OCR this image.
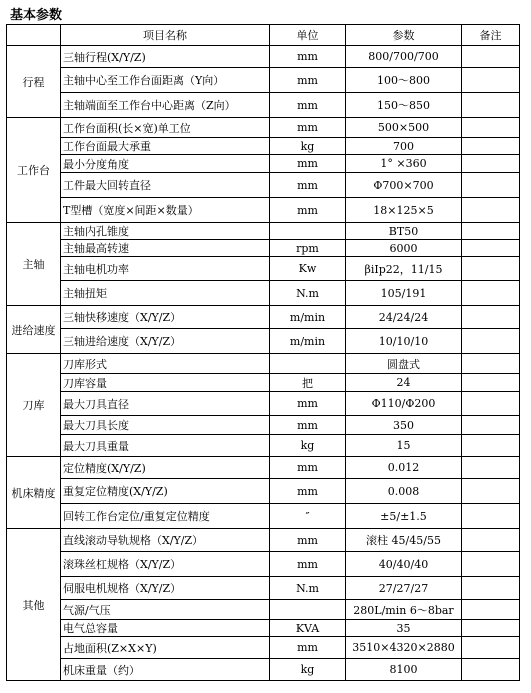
基本参数
	项目名称	单位	参数	备注
行程	三轴行程(X/Y/Z)	mm	800/700/700	
	主轴中心至工作台面距离（Y向）	mm	100～800	
	主轴端面至工作台中心距离（Z向）	mm	150～850	
工作台	工作台面积(长×宽)单工位	mm	500×500	
	工作台面最大承重	kg	700	
	最小分度角度	mm	1° ×360	
	工件最大回转直径	mm	Φ700×700	
	T型槽（宽度×间距×数量）	mm	18×125×5	
主轴	主轴内孔锥度		BT50	
	主轴最高转速	rpm	6000	
	主轴电机功率	Kw	βiIp22，11/15	
	主轴扭矩	N.m	105/191	
进给速度	三轴快移速度（X/Y/Z）	m/min	24/24/24	
	三轴进给速度（X/Y/Z）	m/min	10/10/10	
刀库	刀库形式		圆盘式	
	刀库容量	把	24	
	最大刀具直径	mm	Φ110/Φ200	
	最大刀具长度	mm	350	
	最大刀具重量	kg	15	
机床精度	定位精度(X/Y/Z)	mm	0.012	
	重复定位精度(X/Y/Z)	mm	0.008	
	回转工作台定位/重复定位精度	″	±5/±1.5	
其他	直线滚动导轨规格（X/Y/Z）	mm	滚柱 45/45/55	
	滚珠丝杠规格（X/Y/Z）	mm	40/40/40	
	伺服电机规格（X/Y/Z）	N.m	27/27/27	
	气源/气压		280L/min 6～8bar	
	电气总容量	KVA	35	
	占地面积(Z×X×Y)	mm	3510×4320×2880	
	机床重量（约）	kg	8100	
